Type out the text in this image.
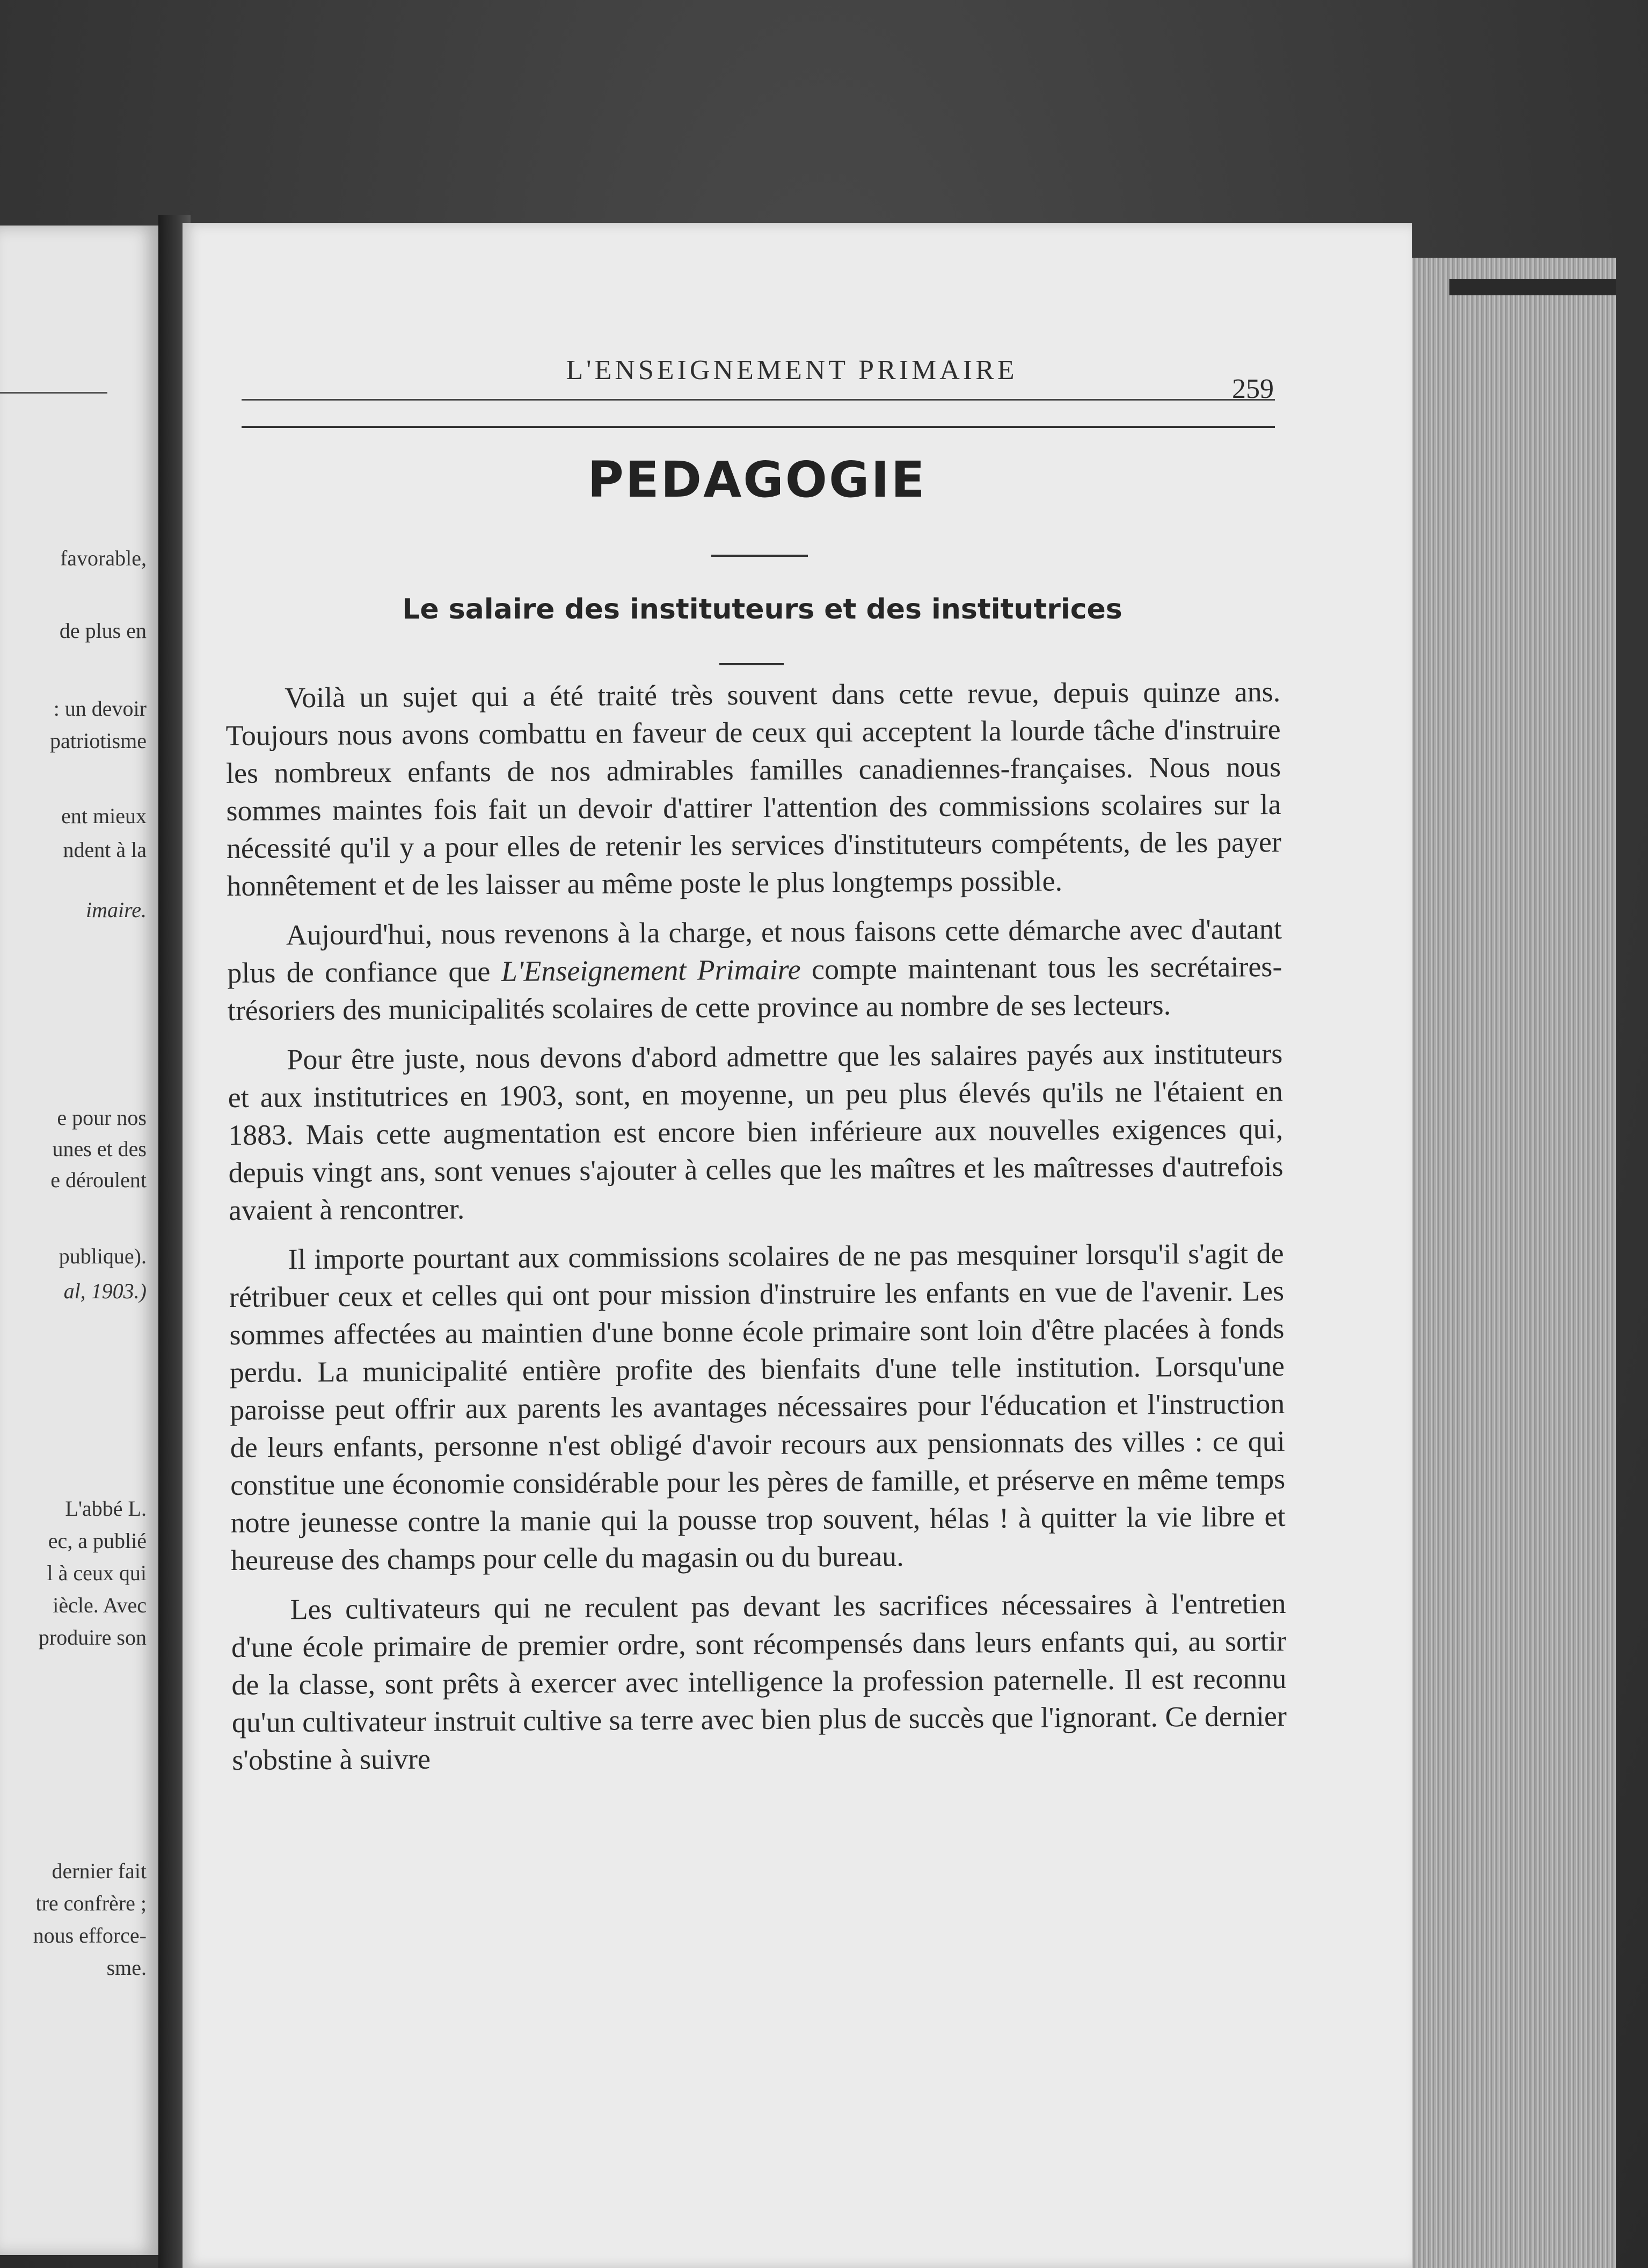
favorable,
de plus en
: un devoir
patriotisme
ent mieux
ndent à la
imaire.
e pour nos
unes et des
e déroulent
publique).
al, 1903.)
L'abbé L.
ec, a publié
l à ceux qui
iècle. Avec
produire son
dernier fait
tre confrère ;
nous efforce-
sme.
L'ENSEIGNEMENT PRIMAIRE
259
PEDAGOGIE
Le salaire des instituteurs et des institutrices

Voilà un sujet qui a été traité très souvent dans cette revue, depuis quinze ans. Toujours nous avons combattu en faveur de ceux qui acceptent la lourde tâche d'instruire les nombreux enfants de nos admirables familles canadiennes-françaises. Nous nous sommes maintes fois fait un devoir d'attirer l'attention des commissions scolaires sur la nécessité qu'il y a pour elles de retenir les services d'instituteurs compétents, de les payer honnêtement et de les laisser au même poste le plus longtemps possible.

Aujourd'hui, nous revenons à la charge, et nous faisons cette démarche avec d'autant plus de confiance que L'Enseignement Primaire compte maintenant tous les secrétaires-trésoriers des municipalités scolaires de cette province au nombre de ses lecteurs.

Pour être juste, nous devons d'abord admettre que les salaires payés aux instituteurs et aux institutrices en 1903, sont, en moyenne, un peu plus élevés qu'ils ne l'étaient en 1883. Mais cette augmentation est encore bien inférieure aux nouvelles exigences qui, depuis vingt ans, sont venues s'ajouter à celles que les maîtres et les maîtresses d'autrefois avaient à rencontrer.

Il importe pourtant aux commissions scolaires de ne pas mesquiner lorsqu'il s'agit de rétribuer ceux et celles qui ont pour mission d'instruire les enfants en vue de l'avenir. Les sommes affectées au maintien d'une bonne école primaire sont loin d'être placées à fonds perdu. La municipalité entière profite des bienfaits d'une telle institution. Lorsqu'une paroisse peut offrir aux parents les avantages nécessaires pour l'éducation et l'instruction de leurs enfants, personne n'est obligé d'avoir recours aux pensionnats des villes : ce qui constitue une économie considérable pour les pères de famille, et préserve en même temps notre jeunesse contre la manie qui la pousse trop souvent, hélas ! à quitter la vie libre et heureuse des champs pour celle du magasin ou du bureau.

Les cultivateurs qui ne reculent pas devant les sacrifices nécessaires à l'entretien d'une école primaire de premier ordre, sont récompensés dans leurs enfants qui, au sortir de la classe, sont prêts à exercer avec intelligence la profession paternelle. Il est reconnu qu'un cultivateur instruit cultive sa terre avec bien plus de succès que l'ignorant. Ce dernier s'obstine à suivre
